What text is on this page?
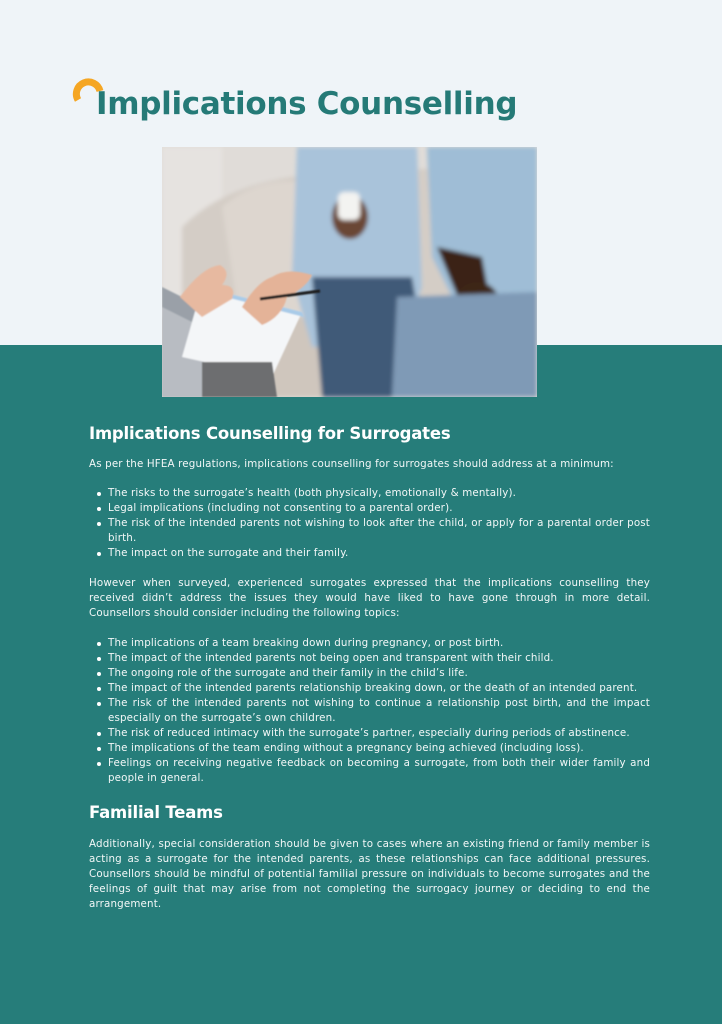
Implications Counselling
Implications Counselling for Surrogates

As per the HFEA regulations, implications counselling for surrogates should address at a minimum:

The risks to the surrogate’s health (both physically, emotionally & mentally).
Legal implications (including not consenting to a parental order).
The risk of the intended parents not wishing to look after the child, or apply for a parental order post birth.
The impact on the surrogate and their family.

However when surveyed, experienced surrogates expressed that the implications counselling they received didn’t address the issues they would have liked to have gone through in more detail. Counsellors should consider including the following topics:

The implications of a team breaking down during pregnancy, or post birth.
The impact of the intended parents not being open and transparent with their child.
The ongoing role of the surrogate and their family in the child’s life.
The impact of the intended parents relationship breaking down, or the death of an intended parent.
The risk of the intended parents not wishing to continue a relationship post birth, and the impact especially on the surrogate’s own children.
The risk of reduced intimacy with the surrogate’s partner, especially during periods of abstinence.
The implications of the team ending without a pregnancy being achieved (including loss).
Feelings on receiving negative feedback on becoming a surrogate, from both their wider family and people in general.
Familial Teams

Additionally, special consideration should be given to cases where an existing friend or family member is acting as a surrogate for the intended parents, as these relationships can face additional pressures. Counsellors should be mindful of potential familial pressure on individuals to become surrogates and the feelings of guilt that may arise from not completing the surrogacy journey or deciding to end the arrangement.
